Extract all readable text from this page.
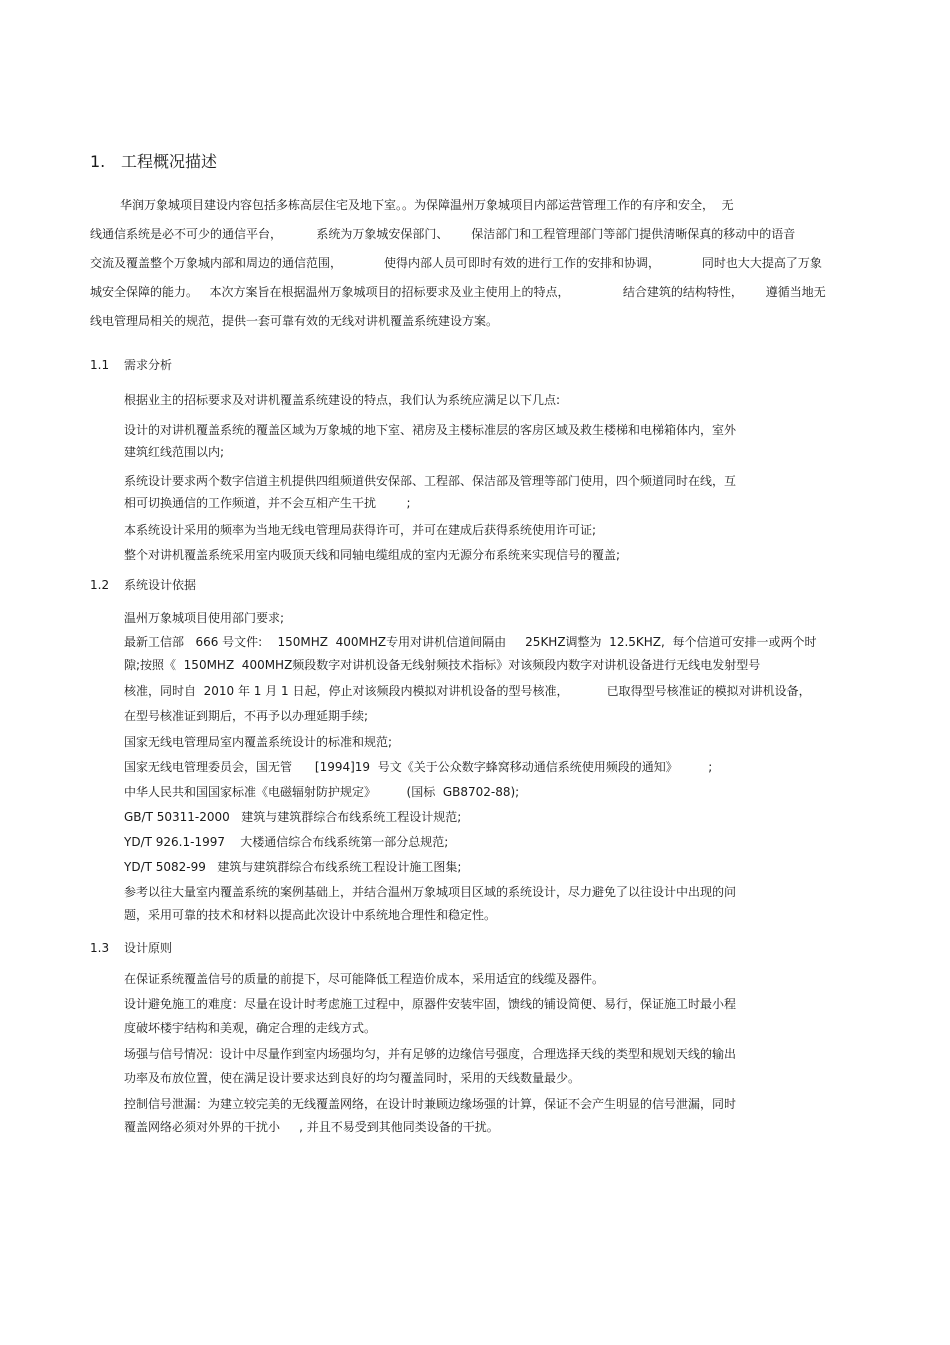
1. 工程概况描述
华润万象城项目建设内容包括多栋高层住宅及地下室。。为保障温州万象城项目内部运营管理工作的有序和安全，  无
线通信系统是必不可少的通信平台，         系统为万象城安保部门、      保洁部门和工程管理部门等部门提供清晰保真的移动中的语音
交流及覆盖整个万象城内部和周边的通信范围，           使得内部人员可即时有效的进行工作的安排和协调，           同时也大大提高了万象
城安全保障的能力。   本次方案旨在根据温州万象城项目的招标要求及业主使用上的特点，              结合建筑的结构特性，      遵循当地无
线电管理局相关的规范，提供一套可靠有效的无线对讲机覆盖系统建设方案。
1.1 需求分析
根据业主的招标要求及对讲机覆盖系统建设的特点，我们认为系统应满足以下几点:
设计的对讲机覆盖系统的覆盖区域为万象城的地下室、裙房及主楼标准层的客房区域及救生楼梯和电梯箱体内，室外
建筑红线范围以内;
系统设计要求两个数字信道主机提供四组频道供安保部、工程部、保洁部及管理等部门使用，四个频道同时在线，互
相可切换通信的工作频道，并不会互相产生干扰        ;
本系统设计采用的频率为当地无线电管理局获得许可，并可在建成后获得系统使用许可证;
整个对讲机覆盖系统采用室内吸顶天线和同轴电缆组成的室内无源分布系统来实现信号的覆盖;
1.2 系统设计依据
温州万象城项目使用部门要求;
最新工信部   666 号文件:    150MHZ  400MHZ专用对讲机信道间隔由     25KHZ调整为  12.5KHZ,  每个信道可安排一或两个时
隙;按照《  150MHZ  400MHZ频段数字对讲机设备无线射频技术指标》对该频段内数字对讲机设备进行无线电发射型号
核准，同时自  2010 年 1 月 1 日起，停止对该频段内模拟对讲机设备的型号核准，          已取得型号核准证的模拟对讲机设备，
在型号核准证到期后，不再予以办理延期手续;
国家无线电管理局室内覆盖系统设计的标准和规范;
国家无线电管理委员会，国无管      [1994]19  号文《关于公众数字蜂窝移动通信系统使用频段的通知》        ;
中华人民共和国国家标准《电磁辐射防护规定》        (国标  GB8702-88);
GB/T 50311-2000   建筑与建筑群综合布线系统工程设计规范;
YD/T 926.1-1997    大楼通信综合布线系统第一部分总规范;
YD/T 5082-99   建筑与建筑群综合布线系统工程设计施工图集;
参考以往大量室内覆盖系统的案例基础上，并结合温州万象城项目区域的系统设计，尽力避免了以往设计中出现的问
题，采用可靠的技术和材料以提高此次设计中系统地合理性和稳定性。
1.3 设计原则
在保证系统覆盖信号的质量的前提下，尽可能降低工程造价成本，采用适宜的线缆及器件。
设计避免施工的难度：尽量在设计时考虑施工过程中，原器件安装牢固，馈线的铺设简便、易行，保证施工时最小程
度破坏楼宇结构和美观，确定合理的走线方式。
场强与信号情况：设计中尽量作到室内场强均匀，并有足够的边缘信号强度，合理选择天线的类型和规划天线的输出
功率及布放位置，使在满足设计要求达到良好的均匀覆盖同时，采用的天线数量最少。
控制信号泄漏：为建立较完美的无线覆盖网络，在设计时兼顾边缘场强的计算，保证不会产生明显的信号泄漏，同时
覆盖网络必须对外界的干扰小     , 并且不易受到其他同类设备的干扰。
